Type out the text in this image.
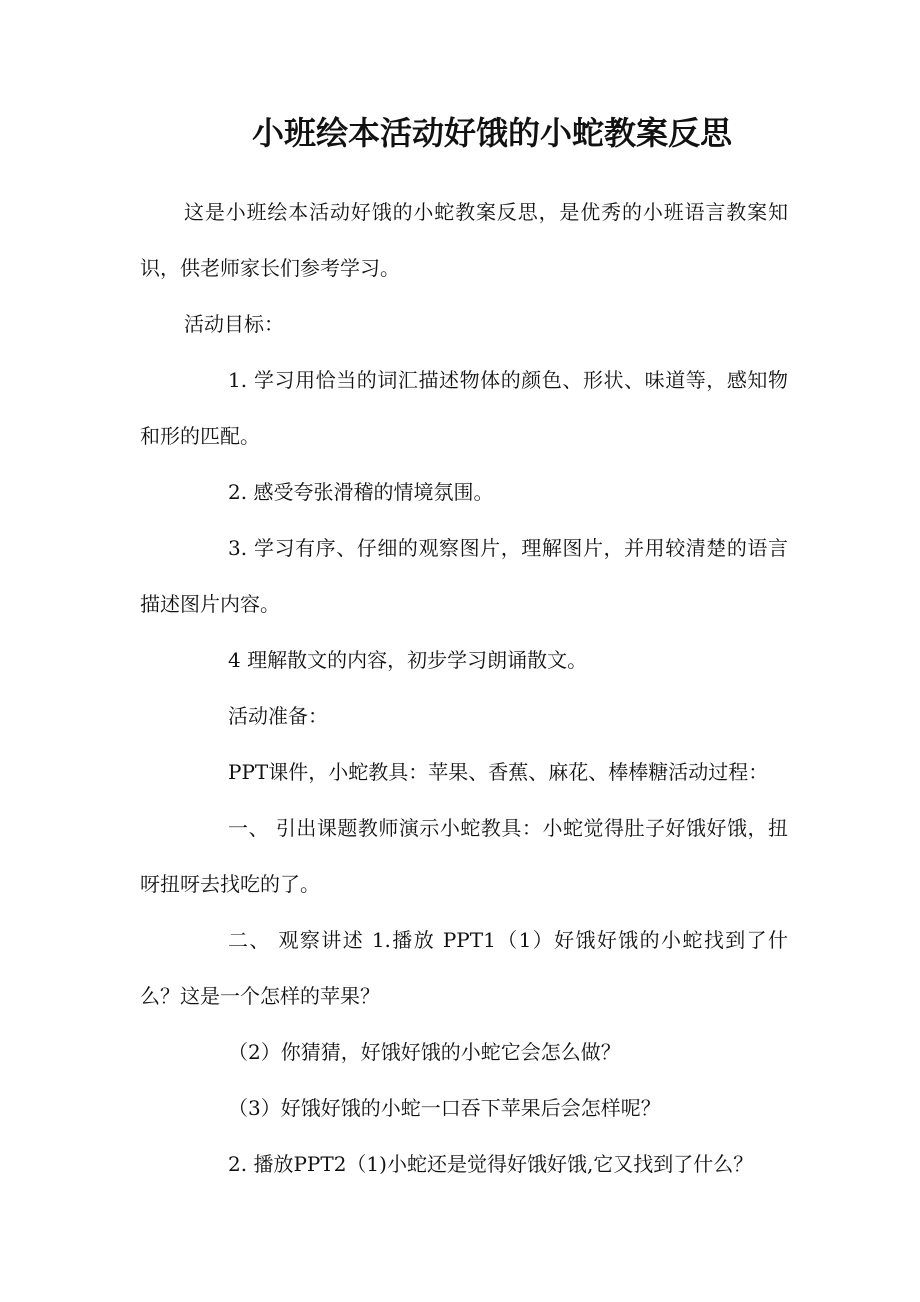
小班绘本活动好饿的小蛇教案反思
这是小班绘本活动好饿的小蛇教案反思，是优秀的小班语言教案知识，供老师家长们参考学习。
活动目标：
1. 学习用恰当的词汇描述物体的颜色、形状、味道等，感知物和形的匹配。
2. 感受夸张滑稽的情境氛围。
3. 学习有序、仔细的观察图片，理解图片，并用较清楚的语言描述图片内容。
4 理解散文的内容，初步学习朗诵散文。
活动准备：
PPT课件，小蛇教具：苹果、香蕉、麻花、棒棒糖活动过程：
一、 引出课题教师演示小蛇教具：小蛇觉得肚子好饿好饿，扭呀扭呀去找吃的了。
二、 观察讲述 1.播放 PPT1（1）好饿好饿的小蛇找到了什么？这是一个怎样的苹果？
（2）你猜猜，好饿好饿的小蛇它会怎么做？
（3）好饿好饿的小蛇一口吞下苹果后会怎样呢？
2. 播放PPT2（1)小蛇还是觉得好饿好饿,它又找到了什么？
